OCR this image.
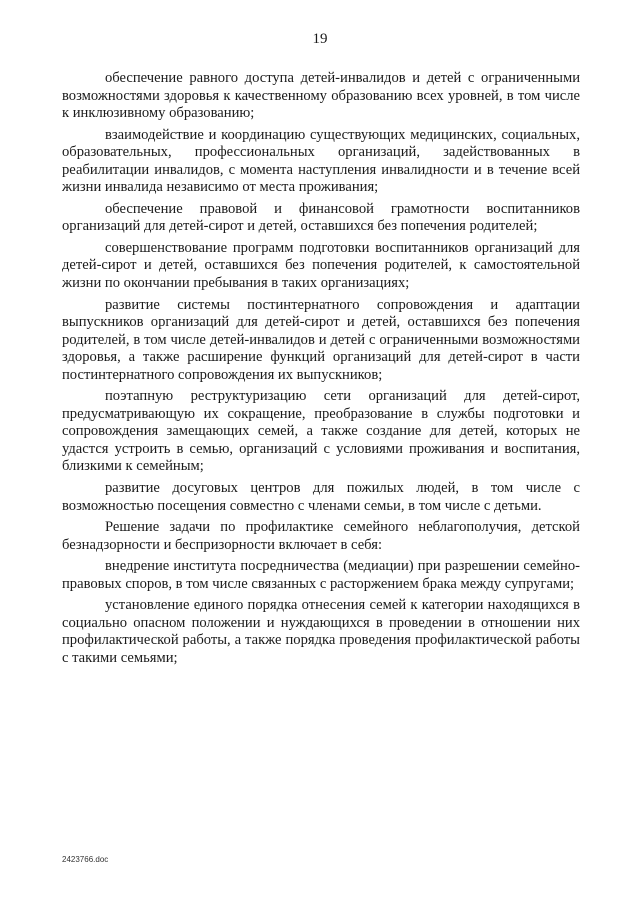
19

обеспечение равного доступа детей-инвалидов и детей с ограниченными возможностями здоровья к качественному образованию всех уровней, в том числе к инклюзивному образованию;

взаимодействие и координацию существующих медицинских, социальных, образовательных, профессиональных организаций, задействованных в реабилитации инвалидов, с момента наступления инвалидности и в течение всей жизни инвалида независимо от места проживания;

обеспечение правовой и финансовой грамотности воспитанников организаций для детей-сирот и детей, оставшихся без попечения родителей;

совершенствование программ подготовки воспитанников организаций для детей-сирот и детей, оставшихся без попечения родителей, к самостоятельной жизни по окончании пребывания в таких организациях;

развитие системы постинтернатного сопровождения и адаптации выпускников организаций для детей-сирот и детей, оставшихся без попечения родителей, в том числе детей-инвалидов и детей с ограниченными возможностями здоровья, а также расширение функций организаций для детей-сирот в части постинтернатного сопровождения их выпускников;

поэтапную реструктуризацию сети организаций для детей-сирот, предусматривающую их сокращение, преобразование в службы подготовки и сопровождения замещающих семей, а также создание для детей, которых не удастся устроить в семью, организаций с условиями проживания и воспитания, близкими к семейным;

развитие досуговых центров для пожилых людей, в том числе с возможностью посещения совместно с членами семьи, в том числе с детьми.

Решение задачи по профилактике семейного неблагополучия, детской безнадзорности и беспризорности включает в себя:

внедрение института посредничества (медиации) при разрешении семейно-правовых споров, в том числе связанных с расторжением брака между супругами;

установление единого порядка отнесения семей к категории находящихся в социально опасном положении и нуждающихся в проведении в отношении них профилактической работы, а также порядка проведения профилактической работы с такими семьями;

2423766.doc
